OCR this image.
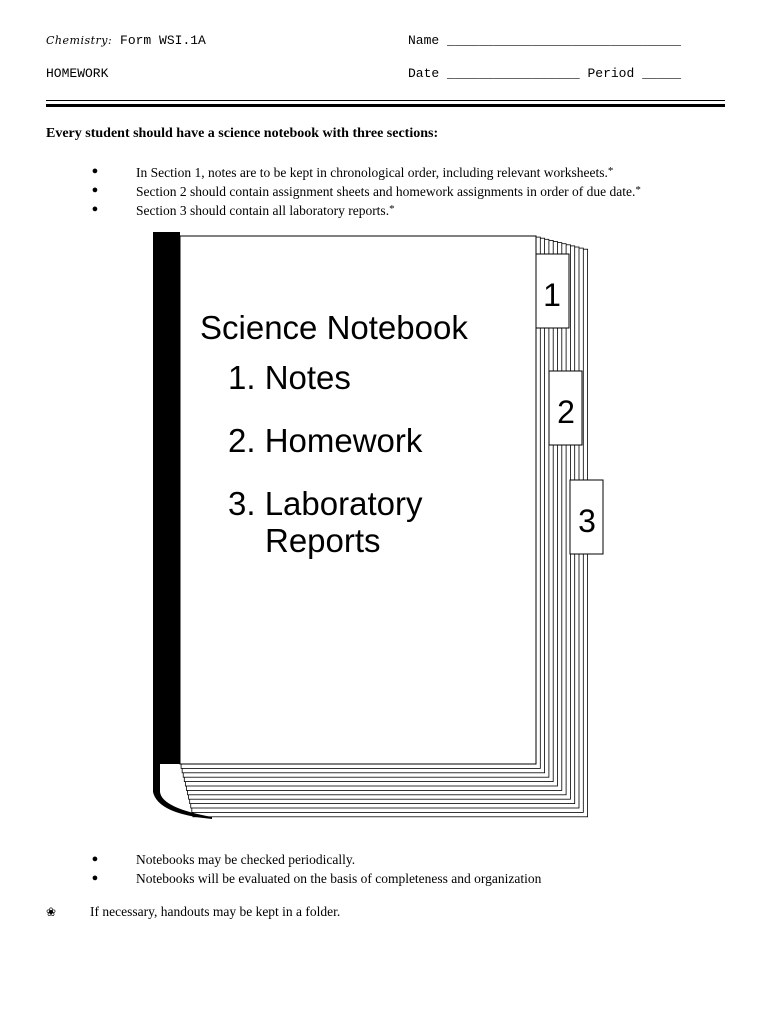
Chemistry: Form WSI.1A	Name ______________________________
HOMEWORK	Date _________________ Period _____
Every student should have a science notebook with three sections:
●	In Section 1, notes are to be kept in chronological order, including relevant worksheets.*
●	Section 2 should contain assignment sheets and homework assignments in order of due date.*
●	Section 3 should contain all laboratory reports.*
1
2
3
Science Notebook
1. Notes
2. Homework
3. Laboratory
Reports
●	Notebooks may be checked periodically.
●	Notebooks will be evaluated on the basis of completeness and organization
❀	If necessary, handouts may be kept in a folder.
